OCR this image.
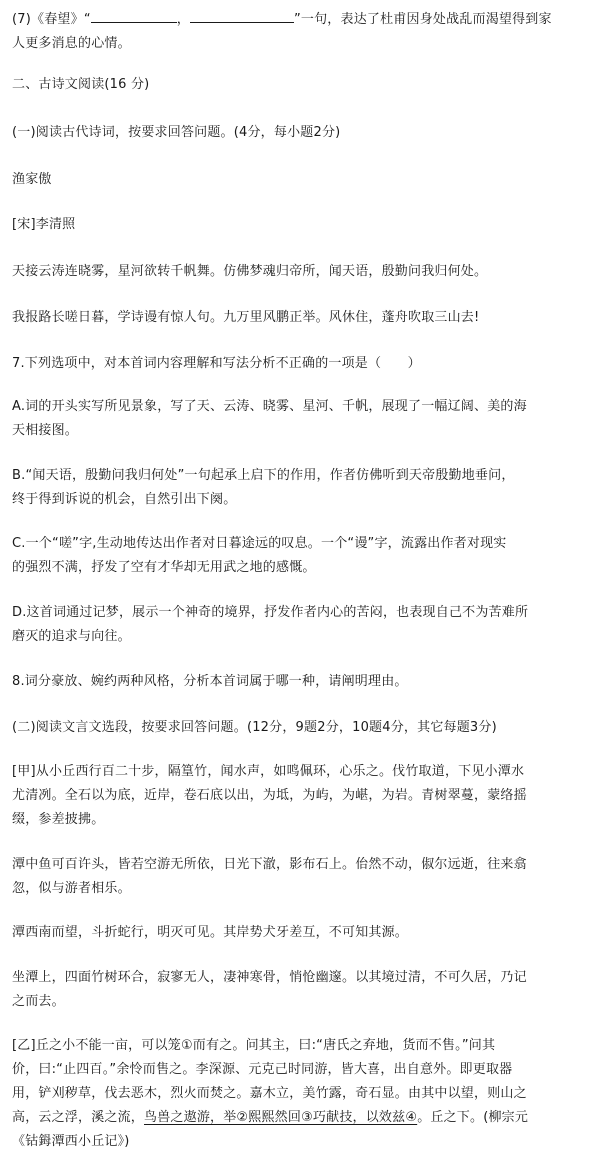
(7)《春望》“	，	”一句，表达了杜甫因身处战乱而渴望得到家
人更多消息的心情。
二、古诗文阅读(16 分)
(一)阅读古代诗词，按要求回答问题。(4分，每小题2分)
渔家傲
[宋]李清照
天接云涛连晓雾，星河欲转千帆舞。仿佛梦魂归帝所，闻天语，殷勤问我归何处。
我报路长嗟日暮，学诗谩有惊人句。九万里风鹏正举。风休住，蓬舟吹取三山去!
7.下列选项中，对本首词内容理解和写法分析不正确的一项是（　　）
A.词的开头实写所见景象，写了天、云涛、晓雾、星河、千帆，展现了一幅辽阔、美的海
天相接图。
B.“闻天语，殷勤问我归何处”一句起承上启下的作用，作者仿佛听到天帝殷勤地垂问，
终于得到诉说的机会，自然引出下阕。
C.一个“嗟”字,生动地传达出作者对日暮途远的叹息。一个“谩”字，流露出作者对现实
的强烈不满，抒发了空有才华却无用武之地的感慨。
D.这首词通过记梦，展示一个神奇的境界，抒发作者内心的苦闷，也表现自己不为苦难所
磨灭的追求与向往。
8.词分豪放、婉约两种风格，分析本首词属于哪一种，请阐明理由。
(二)阅读文言文选段，按要求回答问题。(12分，9题2分，10题4分，其它每题3分)
[甲]从小丘西行百二十步，隔篁竹，闻水声，如鸣佩环，心乐之。伐竹取道，下见小潭水
尤清冽。全石以为底，近岸，卷石底以出，为坻，为屿，为嵁，为岩。青树翠蔓，蒙络摇
缀，参差披拂。
潭中鱼可百许头，皆若空游无所依，日光下澈，影布石上。佁然不动，俶尔远逝，往来翕
忽，似与游者相乐。
潭西南而望，斗折蛇行，明灭可见。其岸势犬牙差互，不可知其源。
坐潭上，四面竹树环合，寂寥无人，凄神寒骨，悄怆幽邃。以其境过清，不可久居，乃记
之而去。
[乙]丘之小不能一亩，可以笼①而有之。问其主，曰:“唐氏之弃地，货而不售。”问其
价，曰:“止四百。”余怜而售之。李深源、元克己时同游，皆大喜，出自意外。即更取器
用，铲刈秽草，伐去恶木，烈火而焚之。嘉木立，美竹露，奇石显。由其中以望，则山之
高，云之浮，溪之流，鸟兽之遨游，举②熙熙然回③巧献技，以效兹④。丘之下。(柳宗元
《钴鉧潭西小丘记》)
